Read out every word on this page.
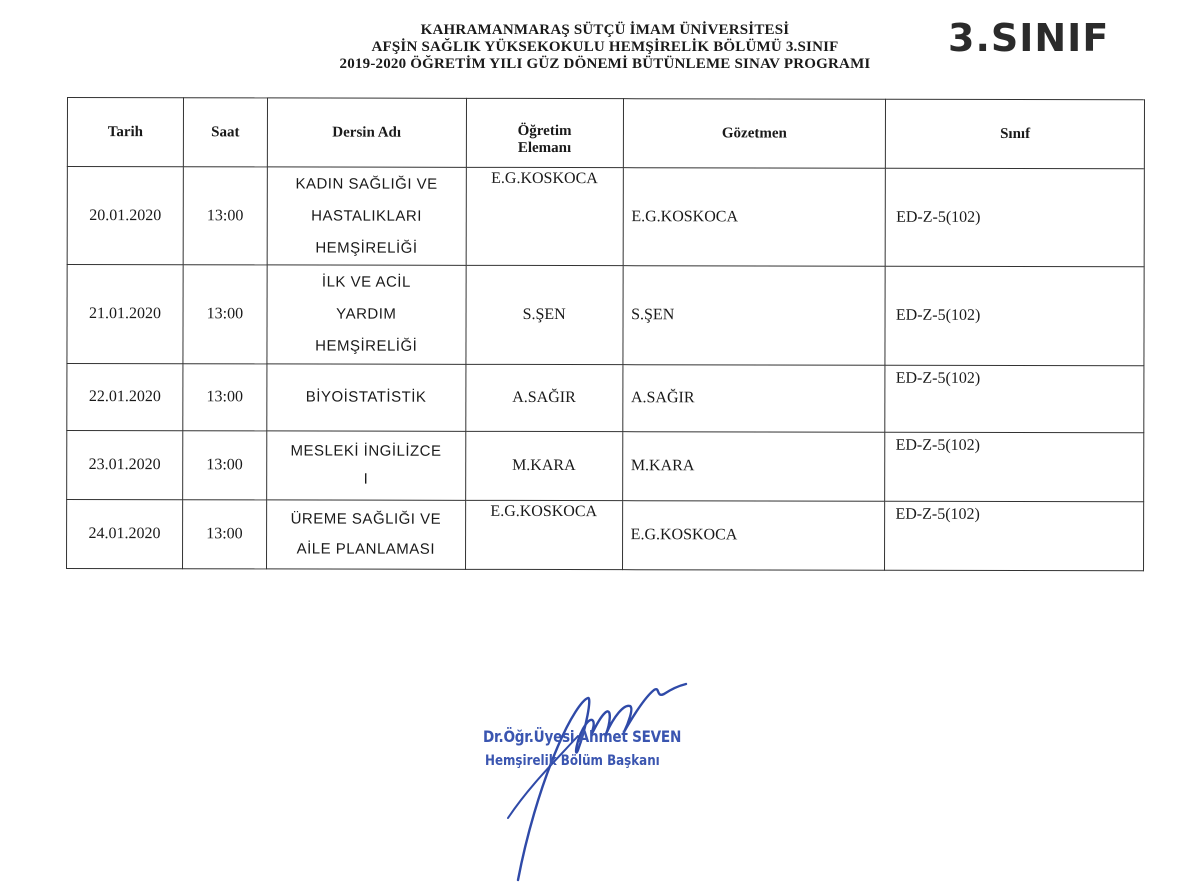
KAHRAMANMARAŞ SÜTÇÜ İMAM ÜNİVERSİTESİ
AFŞİN SAĞLIK YÜKSEKOKULU HEMŞİRELİK BÖLÜMÜ 3.SINIF
2019-2020 ÖĞRETİM YILI GÜZ DÖNEMİ BÜTÜNLEME SINAV PROGRAMI
3.SINIF
Tarih	Saat	Dersin Adı	Öğretim
Elemanı	Gözetmen	Sınıf
20.01.2020	13:00	KADIN SAĞLIĞI VE
HASTALIKLARI
HEMŞİRELİĞİ	E.G.KOSKOCA	E.G.KOSKOCA	ED-Z-5(102)
21.01.2020	13:00	İLK VE ACİL
YARDIM
HEMŞİRELİĞİ	S.ŞEN	S.ŞEN	ED-Z-5(102)
22.01.2020	13:00	BİYOİSTATİSTİK	A.SAĞIR	A.SAĞIR	ED-Z-5(102)
23.01.2020	13:00	MESLEKİ İNGİLİZCE
I	M.KARA	M.KARA	ED-Z-5(102)
24.01.2020	13:00	ÜREME SAĞLIĞI VE
AİLE PLANLAMASI	E.G.KOSKOCA	E.G.KOSKOCA	ED-Z-5(102)
Dr.Öğr.Üyesi Ahmet SEVEN
Hemşirelik Bölüm Başkanı
